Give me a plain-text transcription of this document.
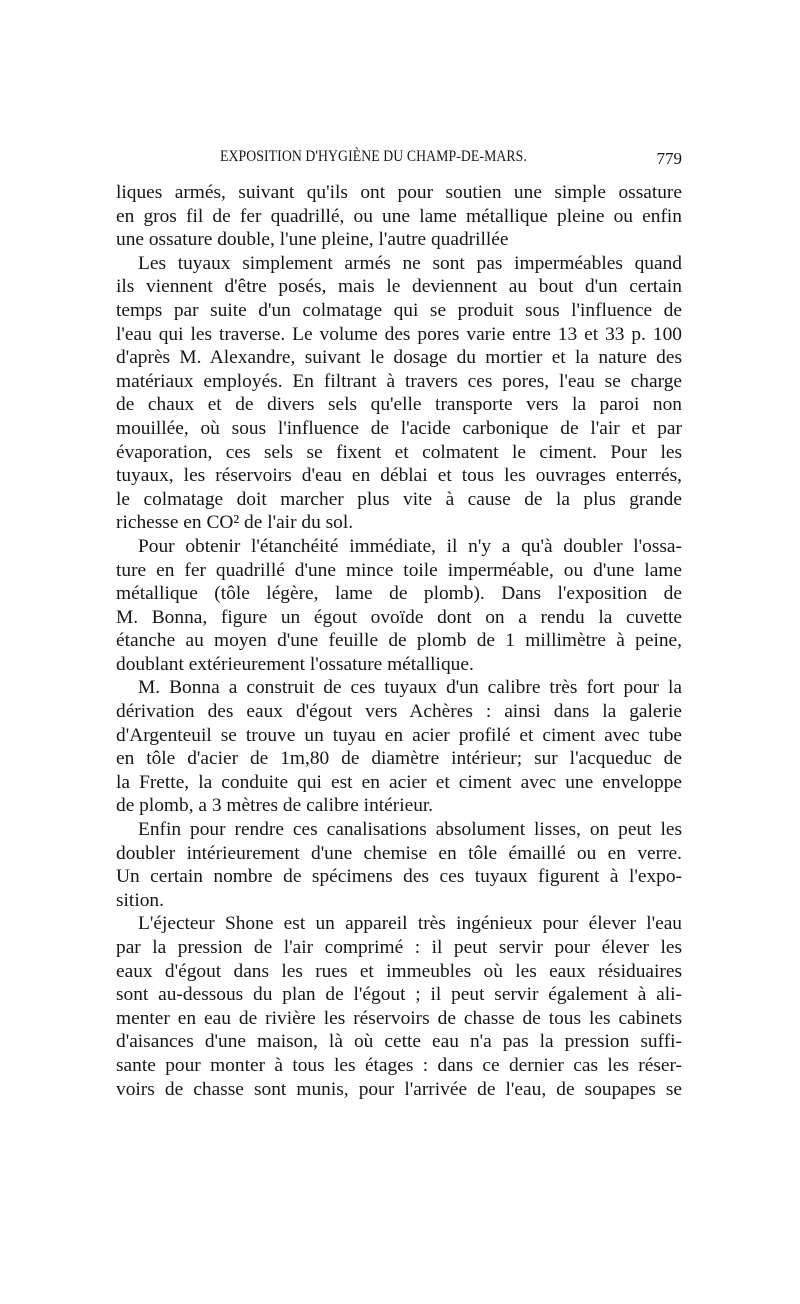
EXPOSITION D'HYGIÈNE DU CHAMP-DE-MARS.	779
liques armés, suivant qu'ils ont pour soutien une simple ossature
en gros fil de fer quadrillé, ou une lame métallique pleine ou enfin
une ossature double, l'une pleine, l'autre quadrillée
Les tuyaux simplement armés ne sont pas imperméables quand
ils viennent d'être posés, mais le deviennent au bout d'un certain
temps par suite d'un colmatage qui se produit sous l'influence de
l'eau qui les traverse. Le volume des pores varie entre 13 et 33 p. 100
d'après M. Alexandre, suivant le dosage du mortier et la nature des
matériaux employés. En filtrant à travers ces pores, l'eau se charge
de chaux et de divers sels qu'elle transporte vers la paroi non
mouillée, où sous l'influence de l'acide carbonique de l'air et par
évaporation, ces sels se fixent et colmatent le ciment. Pour les
tuyaux, les réservoirs d'eau en déblai et tous les ouvrages enterrés,
le colmatage doit marcher plus vite à cause de la plus grande
richesse en CO² de l'air du sol.
Pour obtenir l'étanchéité immédiate, il n'y a qu'à doubler l'ossa-
ture en fer quadrillé d'une mince toile imperméable, ou d'une lame
métallique (tôle légère, lame de plomb). Dans l'exposition de
M. Bonna, figure un égout ovoïde dont on a rendu la cuvette
étanche au moyen d'une feuille de plomb de 1 millimètre à peine,
doublant extérieurement l'ossature métallique.
M. Bonna a construit de ces tuyaux d'un calibre très fort pour la
dérivation des eaux d'égout vers Achères : ainsi dans la galerie
d'Argenteuil se trouve un tuyau en acier profilé et ciment avec tube
en tôle d'acier de 1m,80 de diamètre intérieur; sur l'acqueduc de
la Frette, la conduite qui est en acier et ciment avec une enveloppe
de plomb, a 3 mètres de calibre intérieur.
Enfin pour rendre ces canalisations absolument lisses, on peut les
doubler intérieurement d'une chemise en tôle émaillé ou en verre.
Un certain nombre de spécimens des ces tuyaux figurent à l'expo-
sition.
L'éjecteur Shone est un appareil très ingénieux pour élever l'eau
par la pression de l'air comprimé : il peut servir pour élever les
eaux d'égout dans les rues et immeubles où les eaux résiduaires
sont au-dessous du plan de l'égout ; il peut servir également à ali-
menter en eau de rivière les réservoirs de chasse de tous les cabinets
d'aisances d'une maison, là où cette eau n'a pas la pression suffi-
sante pour monter à tous les étages : dans ce dernier cas les réser-
voirs de chasse sont munis, pour l'arrivée de l'eau, de soupapes se
